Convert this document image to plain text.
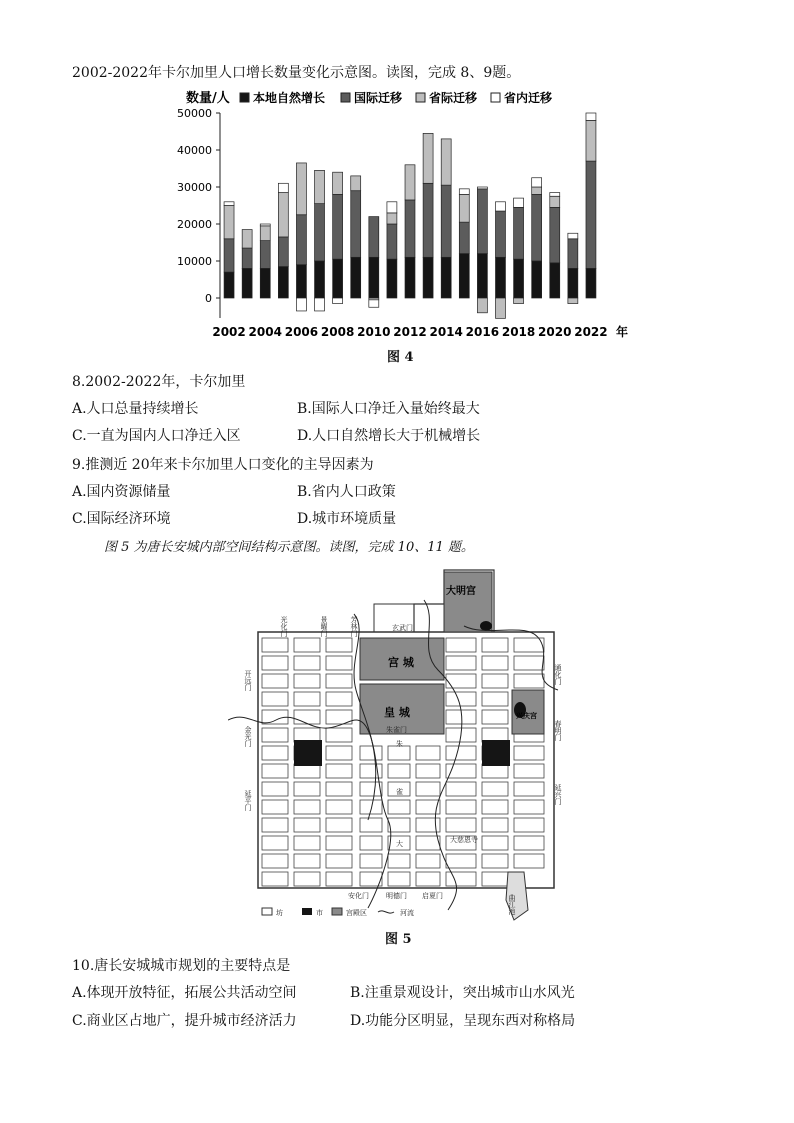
2002-2022年卡尔加里人口增长数量变化示意图。读图，完成 8、9题。
数量/人 本地自然增长 国际迁移 省际迁移 省内迁移
0
10000
20000
30000
40000
50000
2002 2004 2006 2008 2010 2012 2014 2016 2018 2020 2022 年
图 4
8.2002-2022年，卡尔加里
A.人口总量持续增长	B.国际人口净迁入量始终最大
C.一直为国内人口净迁入区	D.人口自然增长大于机械增长
9.推测近 20年来卡尔加里人口变化的主导因素为
A.国内资源储量	B.省内人口政策
C.国际经济环境	D.城市环境质量
图 5 为唐长安城内部空间结构示意图。读图，完成 10、11 题。
光化门	景曜门	芳林门	玄武门
开远门
金光门
延平门
通化门
春明门
延兴门
安化门 明德门 启夏门
朱雀门
大慈恩寺
曲江池
朱
雀
大
大明宫
宫 城
皇 城	兴庆宫
坊	市	宫殿区	河流
图 5
10.唐长安城城市规划的主要特点是
A.体现开放特征，拓展公共活动空间	B.注重景观设计，突出城市山水风光
C.商业区占地广，提升城市经济活力	D.功能分区明显，呈现东西对称格局
